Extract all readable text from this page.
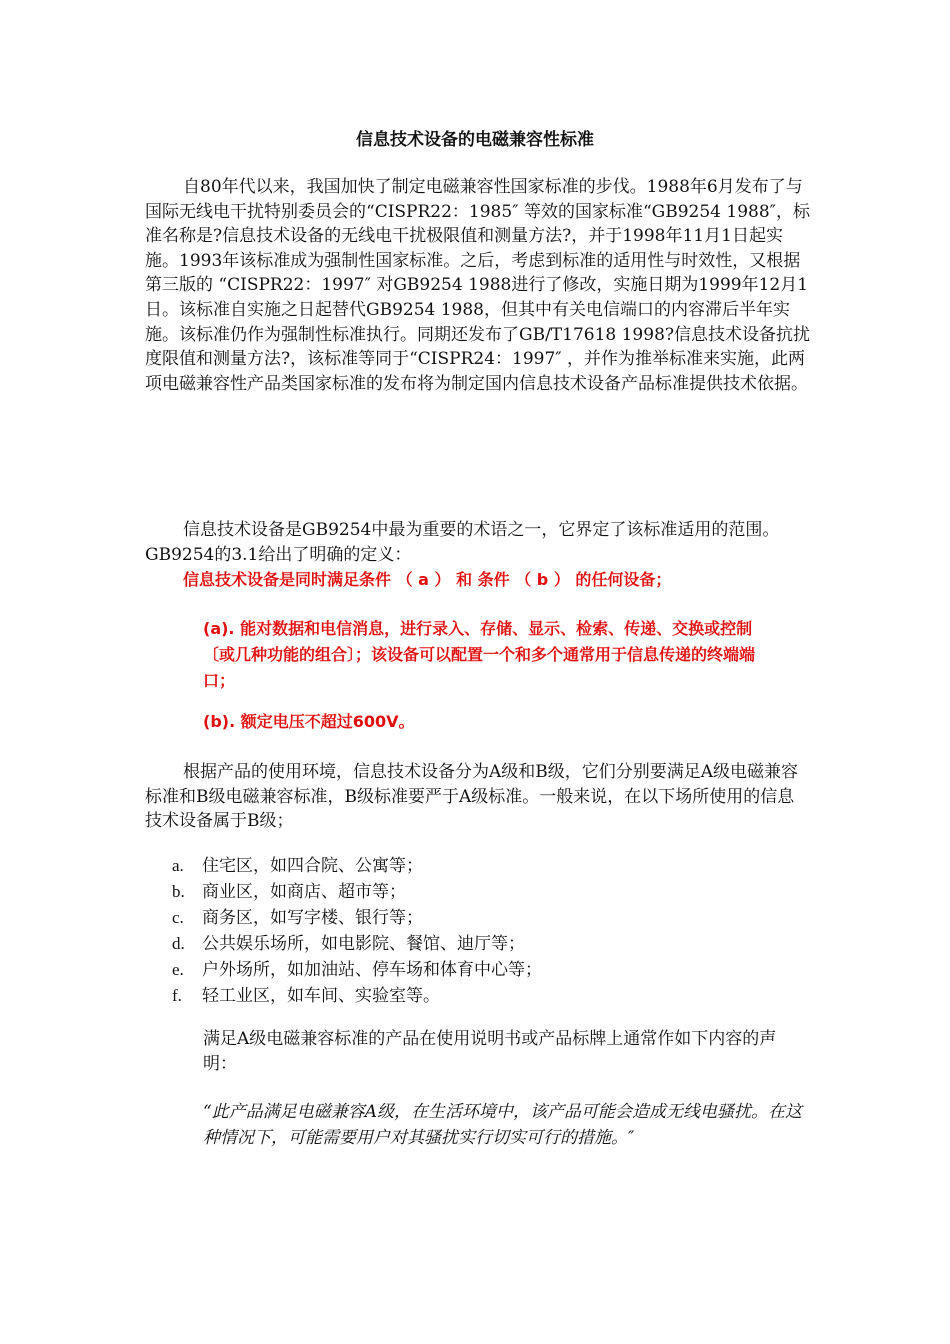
信息技术设备的电磁兼容性标准

自80年代以来，我国加快了制定电磁兼容性国家标准的步伐。1988年6月发布了与国际无线电干扰特别委员会的“CISPR22：1985″ 等效的国家标准“GB9254 1988″，标准名称是?信息技术设备的无线电干扰极限值和测量方法?，并于1998年11月1日起实施。1993年该标准成为强制性国家标准。之后，考虑到标准的适用性与时效性，又根据第三版的 “CISPR22：1997″ 对GB9254 1988进行了修改，实施日期为1999年12月1日。该标准自实施之日起替代GB9254 1988，但其中有关电信端口的内容滞后半年实施。该标准仍作为强制性标准执行。同期还发布了GB/T17618 1998?信息技术设备抗扰度限值和测量方法?，该标准等同于“CISPR24：1997″ ，并作为推举标准来实施，此两项电磁兼容性产品类国家标准的发布将为制定国内信息技术设备产品标准提供技术依据。

信息技术设备是GB9254中最为重要的术语之一，它界定了该标准适用的范围。GB9254的3.1给出了明确的定义：

信息技术设备是同时满足条件 （ a ） 和 条件 （ b ） 的任何设备；

(a). 能对数据和电信消息，进行录入、存储、显示、检索、传递、交换或控制〔或几种功能的组合〕；该设备可以配置一个和多个通常用于信息传递的终端端口；

(b). 额定电压不超过600V。

根据产品的使用环境，信息技术设备分为A级和B级，它们分别要满足A级电磁兼容标准和B级电磁兼容标准，B级标准要严于A级标准。一般来说，在以下场所使用的信息技术设备属于B级；

a.	住宅区，如四合院、公寓等；
b.	商业区，如商店、超市等；
c.	商务区，如写字楼、银行等；
d.	公共娱乐场所，如电影院、餐馆、迪厅等；
e.	户外场所，如加油站、停车场和体育中心等；
f.	轻工业区，如车间、实验室等。

满足A级电磁兼容标准的产品在使用说明书或产品标牌上通常作如下内容的声明：

“此产品满足电磁兼容A级，在生活环境中，该产品可能会造成无线电骚扰。在这种情况下，可能需要用户对其骚扰实行切实可行的措施。″
